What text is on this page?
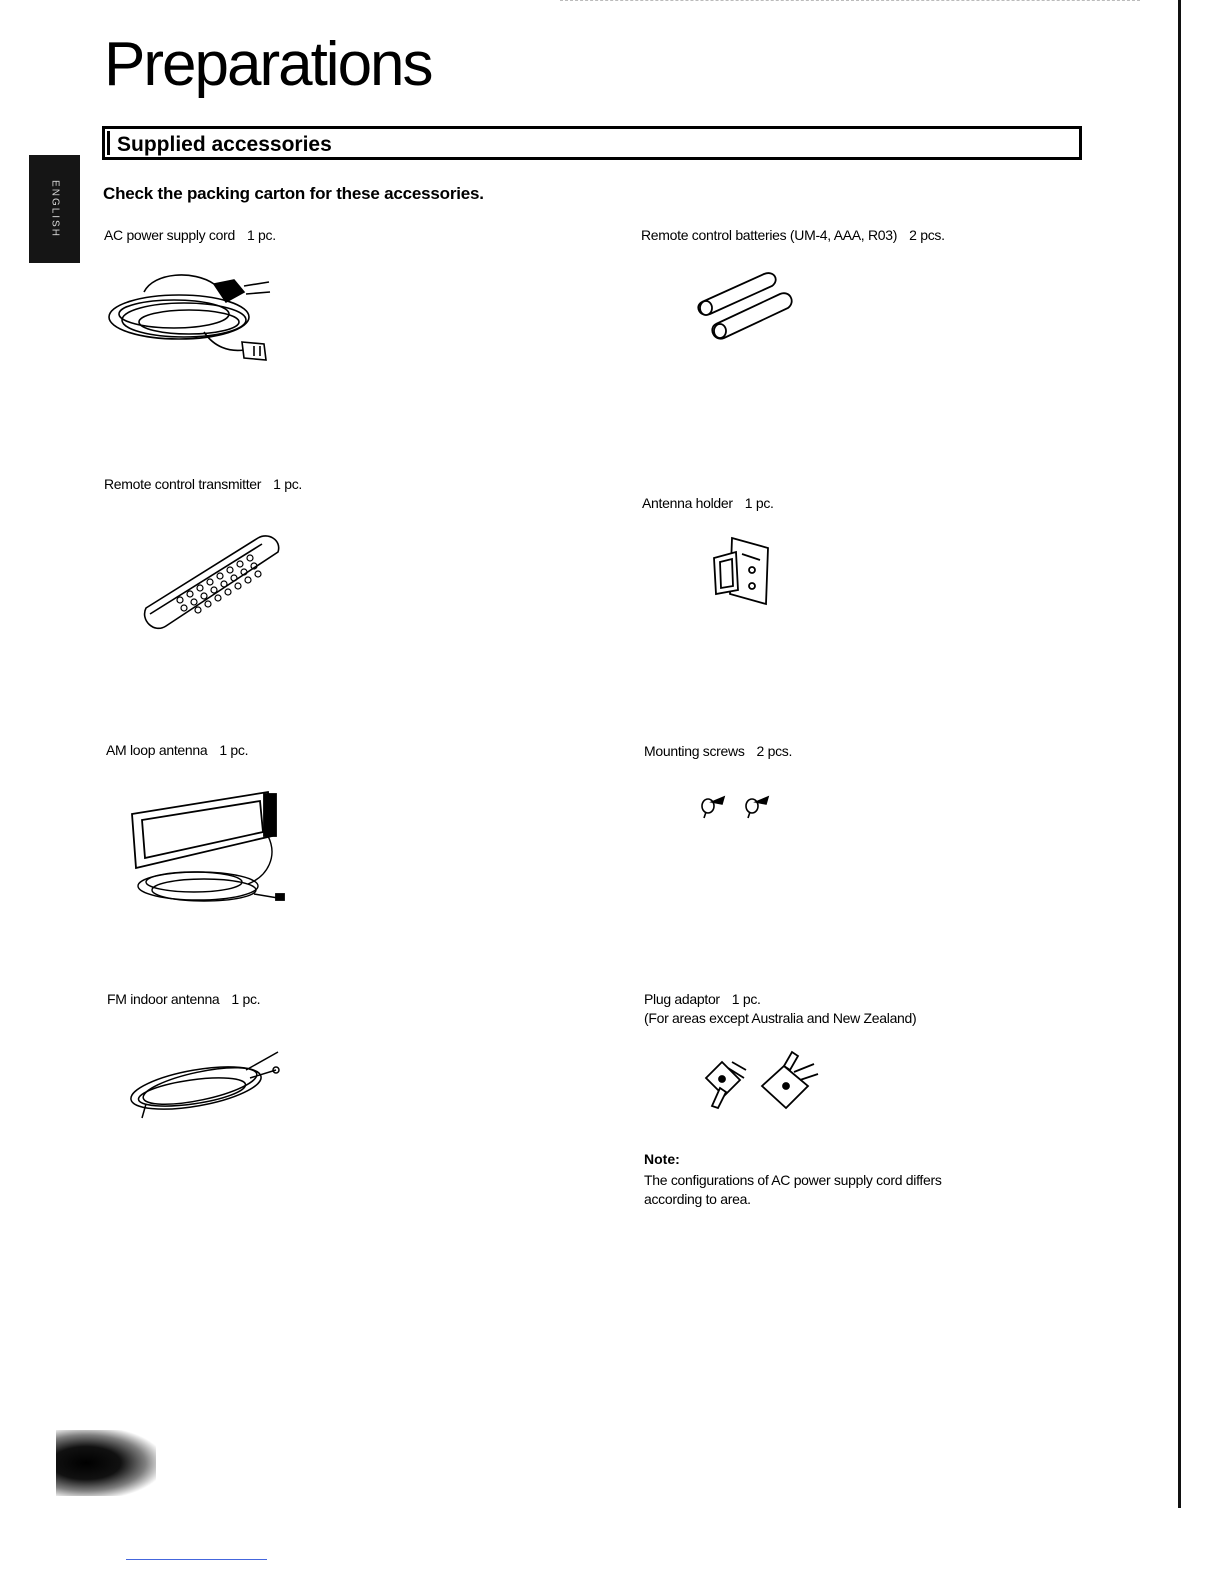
Preparations
ENGLISH
Supplied accessories
Check the packing carton for these accessories.
AC power supply cord 1 pc.	Remote control batteries (UM-4, AAA, R03) 2 pcs.
Remote control transmitter 1 pc.
Antenna holder 1 pc.
AM loop antenna 1 pc.	Mounting screws 2 pcs.
FM indoor antenna 1 pc.	Plug adaptor 1 pc.
(For areas except Australia and New Zealand)
Note:
The configurations of AC power supply cord differs according to area.
